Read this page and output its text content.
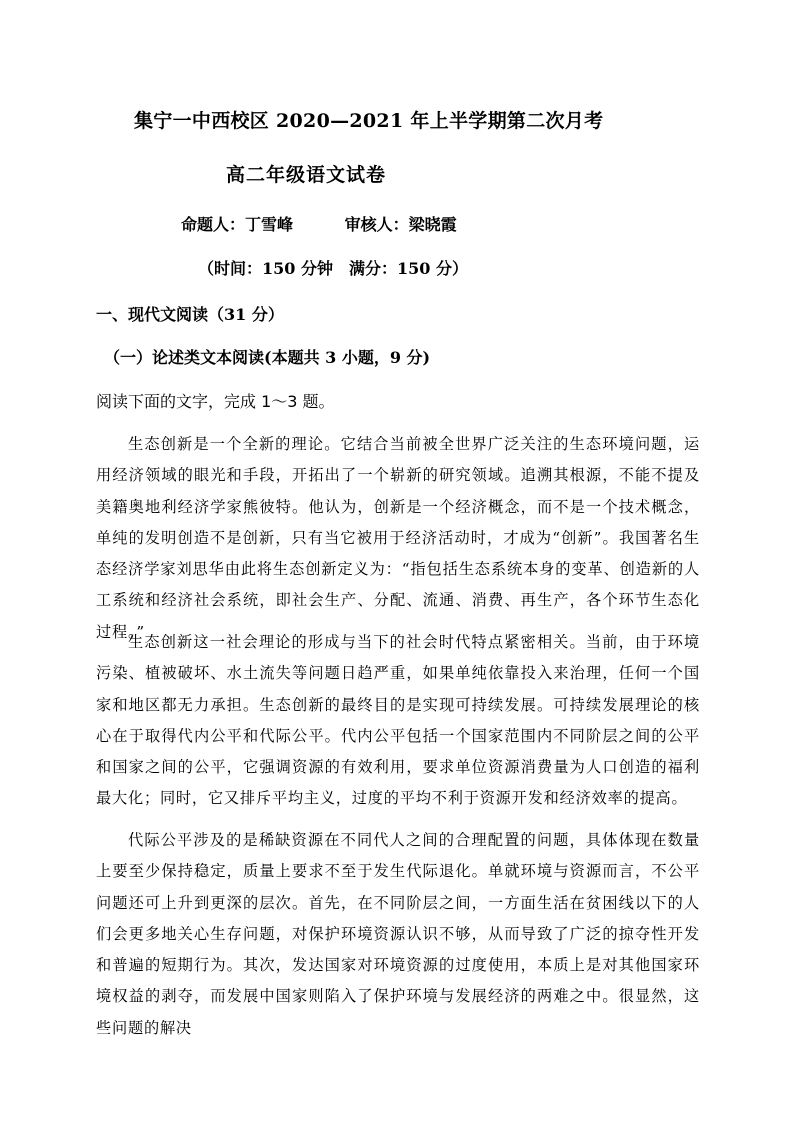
集宁一中西校区 2020—2021 年上半学期第二次月考
高二年级语文试卷
命题人：丁雪峰	审核人：梁晓霞
（时间：150 分钟　满分：150 分）
一、现代文阅读（31 分）
（一）论述类文本阅读(本题共 3 小题，9 分)
阅读下面的文字，完成 1～3 题。

生态创新是一个全新的理论。它结合当前被全世界广泛关注的生态环境问题，运用经济领域的眼光和手段，开拓出了一个崭新的研究领域。追溯其根源，不能不提及美籍奥地利经济学家熊彼特。他认为，创新是一个经济概念，而不是一个技术概念，单纯的发明创造不是创新，只有当它被用于经济活动时，才成为“创新”。我国著名生态经济学家刘思华由此将生态创新定义为：“指包括生态系统本身的变革、创造新的人工系统和经济社会系统，即社会生产、分配、流通、消费、再生产，各个环节生态化过程。”

生态创新这一社会理论的形成与当下的社会时代特点紧密相关。当前，由于环境污染、植被破坏、水土流失等问题日趋严重，如果单纯依靠投入来治理，任何一个国家和地区都无力承担。生态创新的最终目的是实现可持续发展。可持续发展理论的核心在于取得代内公平和代际公平。代内公平包括一个国家范围内不同阶层之间的公平和国家之间的公平，它强调资源的有效利用，要求单位资源消费量为人口创造的福利最大化；同时，它又排斥平均主义，过度的平均不利于资源开发和经济效率的提高。

代际公平涉及的是稀缺资源在不同代人之间的合理配置的问题，具体体现在数量上要至少保持稳定，质量上要求不至于发生代际退化。单就环境与资源而言，不公平问题还可上升到更深的层次。首先，在不同阶层之间，一方面生活在贫困线以下的人们会更多地关心生存问题，对保护环境资源认识不够，从而导致了广泛的掠夺性开发和普遍的短期行为。其次，发达国家对环境资源的过度使用，本质上是对其他国家环境权益的剥夺，而发展中国家则陷入了保护环境与发展经济的两难之中。很显然，这些问题的解决
